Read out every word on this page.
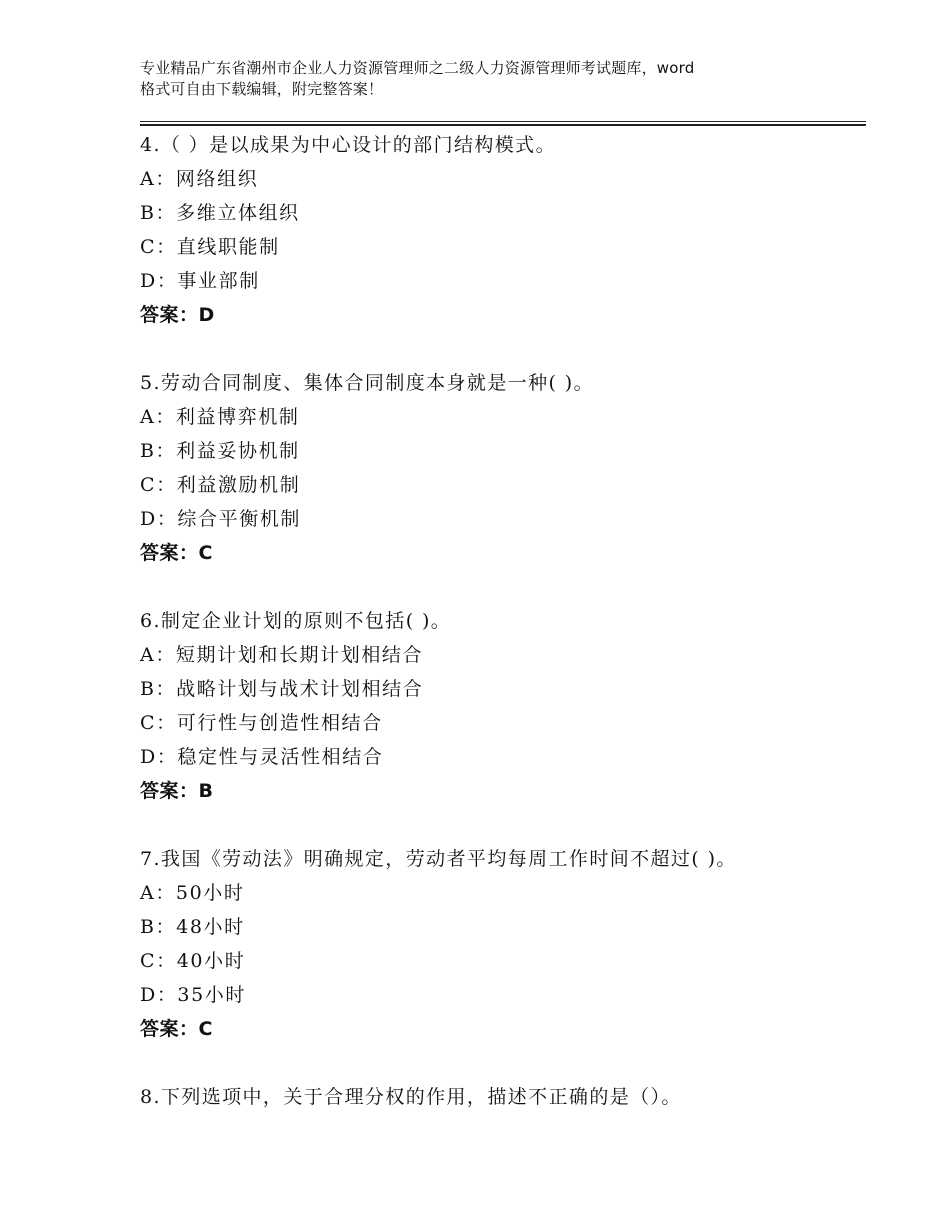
专业精品广东省潮州市企业人力资源管理师之二级人力资源管理师考试题库，word
格式可自由下载编辑，附完整答案！
4.（ ）是以成果为中心设计的部门结构模式。
A：网络组织
B：多维立体组织
C：直线职能制
D：事业部制
答案：D
5.劳动合同制度、集体合同制度本身就是一种( )。
A：利益博弈机制
B：利益妥协机制
C：利益激励机制
D：综合平衡机制
答案：C
6.制定企业计划的原则不包括( )。
A：短期计划和长期计划相结合
B：战略计划与战术计划相结合
C：可行性与创造性相结合
D：稳定性与灵活性相结合
答案：B
7.我国《劳动法》明确规定，劳动者平均每周工作时间不超过( )。
A：50小时
B：48小时
C：40小时
D：35小时
答案：C
8.下列选项中，关于合理分权的作用，描述不正确的是（）。
